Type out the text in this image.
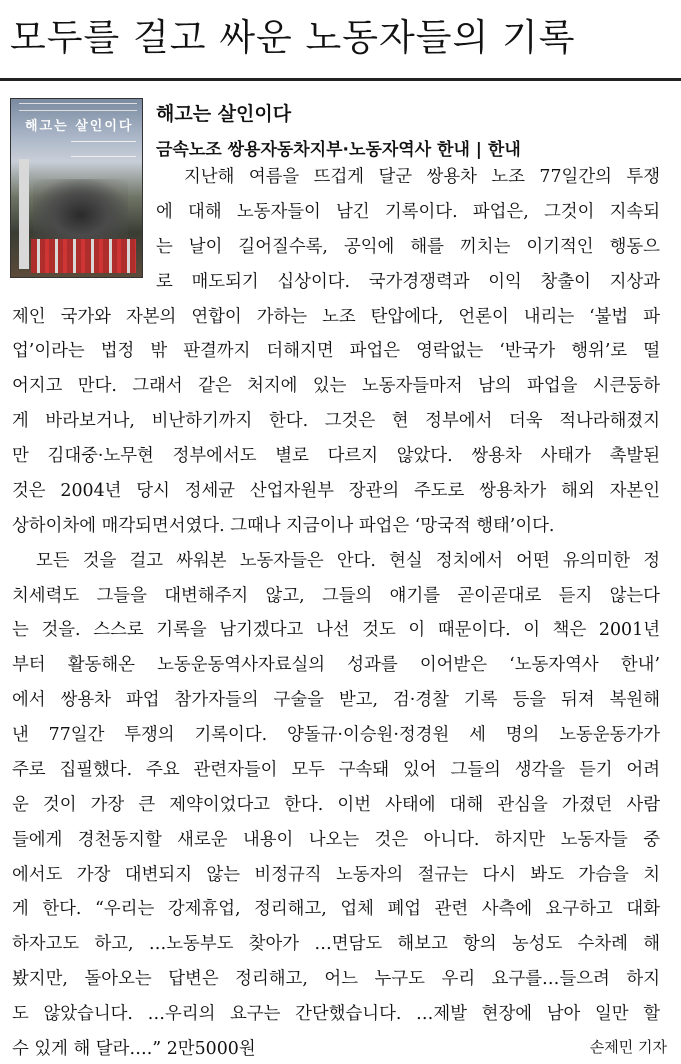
모두를 걸고 싸운 노동자들의 기록
해고는 살인이다
해고는 살인이다
금속노조 쌍용자동차지부·노동자역사 한내 | 한내
지난해 여름을 뜨겁게 달군 쌍용차 노조 77일간의 투쟁
에 대해 노동자들이 남긴 기록이다. 파업은, 그것이 지속되
는 날이 길어질수록, 공익에 해를 끼치는 이기적인 행동으
로 매도되기 십상이다. 국가경쟁력과 이익 창출이 지상과
제인 국가와 자본의 연합이 가하는 노조 탄압에다, 언론이 내리는 ‘불법 파
업’이라는 법정 밖 판결까지 더해지면 파업은 영락없는 ‘반국가 행위’로 떨
어지고 만다. 그래서 같은 처지에 있는 노동자들마저 남의 파업을 시큰둥하
게 바라보거나, 비난하기까지 한다. 그것은 현 정부에서 더욱 적나라해졌지
만 김대중·노무현 정부에서도 별로 다르지 않았다. 쌍용차 사태가 촉발된
것은 2004년 당시 정세균 산업자원부 장관의 주도로 쌍용차가 해외 자본인
상하이차에 매각되면서였다. 그때나 지금이나 파업은 ‘망국적 행태’이다.
모든 것을 걸고 싸워본 노동자들은 안다. 현실 정치에서 어떤 유의미한 정
치세력도 그들을 대변해주지 않고, 그들의 얘기를 곧이곧대로 듣지 않는다
는 것을. 스스로 기록을 남기겠다고 나선 것도 이 때문이다. 이 책은 2001년
부터 활동해온 노동운동역사자료실의 성과를 이어받은 ‘노동자역사 한내’
에서 쌍용차 파업 참가자들의 구술을 받고, 검·경찰 기록 등을 뒤져 복원해
낸 77일간 투쟁의 기록이다. 양돌규·이승원·정경원 세 명의 노동운동가가
주로 집필했다. 주요 관련자들이 모두 구속돼 있어 그들의 생각을 듣기 어려
운 것이 가장 큰 제약이었다고 한다. 이번 사태에 대해 관심을 가졌던 사람
들에게 경천동지할 새로운 내용이 나오는 것은 아니다. 하지만 노동자들 중
에서도 가장 대변되지 않는 비정규직 노동자의 절규는 다시 봐도 가슴을 치
게 한다. “우리는 강제휴업, 정리해고, 업체 폐업 관련 사측에 요구하고 대화
하자고도 하고, …노동부도 찾아가 …면담도 해보고 항의 농성도 수차례 해
봤지만, 돌아오는 답변은 정리해고, 어느 누구도 우리 요구를…들으려 하지
도 않았습니다. …우리의 요구는 간단했습니다. …제발 현장에 남아 일만 할
수 있게 해 달라….” 2만5000원	손제민 기자
